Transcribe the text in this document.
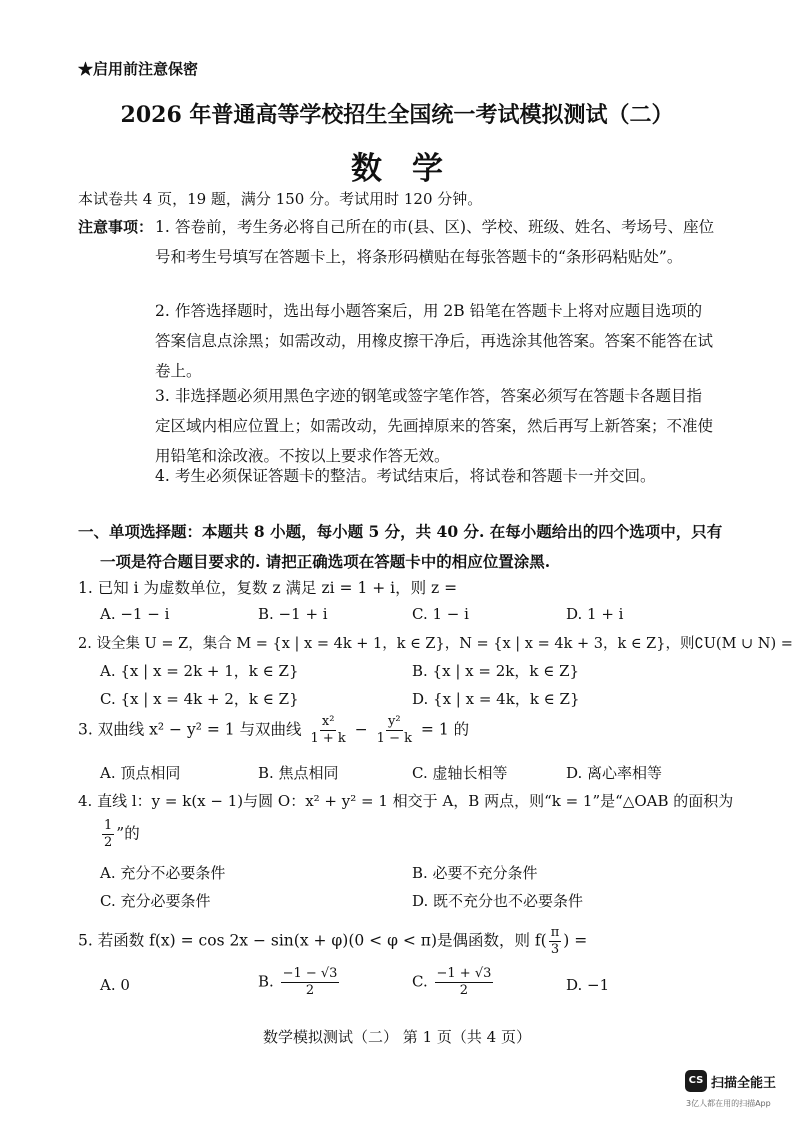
★启用前注意保密
2026 年普通高等学校招生全国统一考试模拟测试（二）
数学
本试卷共 4 页，19 题，满分 150 分。考试用时 120 分钟。
注意事项： 1. 答卷前，考生务必将自己所在的市(县、区)、学校、班级、姓名、考场号、座位号和考生号填写在答题卡上，将条形码横贴在每张答题卡的“条形码粘贴处”。
2. 作答选择题时，选出每小题答案后，用 2B 铅笔在答题卡上将对应题目选项的答案信息点涂黑；如需改动，用橡皮擦干净后，再选涂其他答案。答案不能答在试卷上。
3. 非选择题必须用黑色字迹的钢笔或签字笔作答，答案必须写在答题卡各题目指定区域内相应位置上；如需改动，先画掉原来的答案，然后再写上新答案；不准使用铅笔和涂改液。不按以上要求作答无效。
4. 考生必须保证答题卡的整洁。考试结束后，将试卷和答题卡一并交回。
一、单项选择题：本题共 8 小题，每小题 5 分，共 40 分. 在每小题给出的四个选项中，只有
一项是符合题目要求的. 请把正确选项在答题卡中的相应位置涂黑.
1. 已知 i 为虚数单位，复数 z 满足 zi = 1 + i，则 z =
A. −1 − i	B. −1 + i	C. 1 − i	D. 1 + i
2. 设全集 U = Z，集合 M = {x | x = 4k + 1，k ∈ Z}，N = {x | x = 4k + 3，k ∈ Z}，则∁U(M ∪ N) =
A. {x | x = 2k + 1，k ∈ Z}	B. {x | x = 2k，k ∈ Z}
C. {x | x = 4k + 2，k ∈ Z}	D. {x | x = 4k，k ∈ Z}
3. 双曲线 x² − y² = 1 与双曲线 $\frac{\text{x²}}{1 + k} - \frac{\text{y²}}{1 - k} = 1$ 的
A. 顶点相同	B. 焦点相同	C. 虚轴长相等	D. 离心率相等
4. 直线 l：y = k(x − 1)与圆 O：x² + y² = 1 相交于 A，B 两点，则“k = 1”是“△OAB 的面积为
$\frac{1}{2}$ ”的
A. 充分不必要条件	B. 必要不充分条件
C. 充分必要条件	D. 既不充分也不必要条件
5. 若函数 f(x) = cos 2x − sin(x + φ)(0 < φ < π)是偶函数，则 $f( \frac{\pi}{3}$ ) =
A. 0	B. $\frac{-1 - √3}{2}$	C. $\frac{-1 + √3}{2}$	D. −1
数学模拟测试（二） 第 1 页（共 4 页）
CS 扫描全能王
3亿人都在用的扫描App
